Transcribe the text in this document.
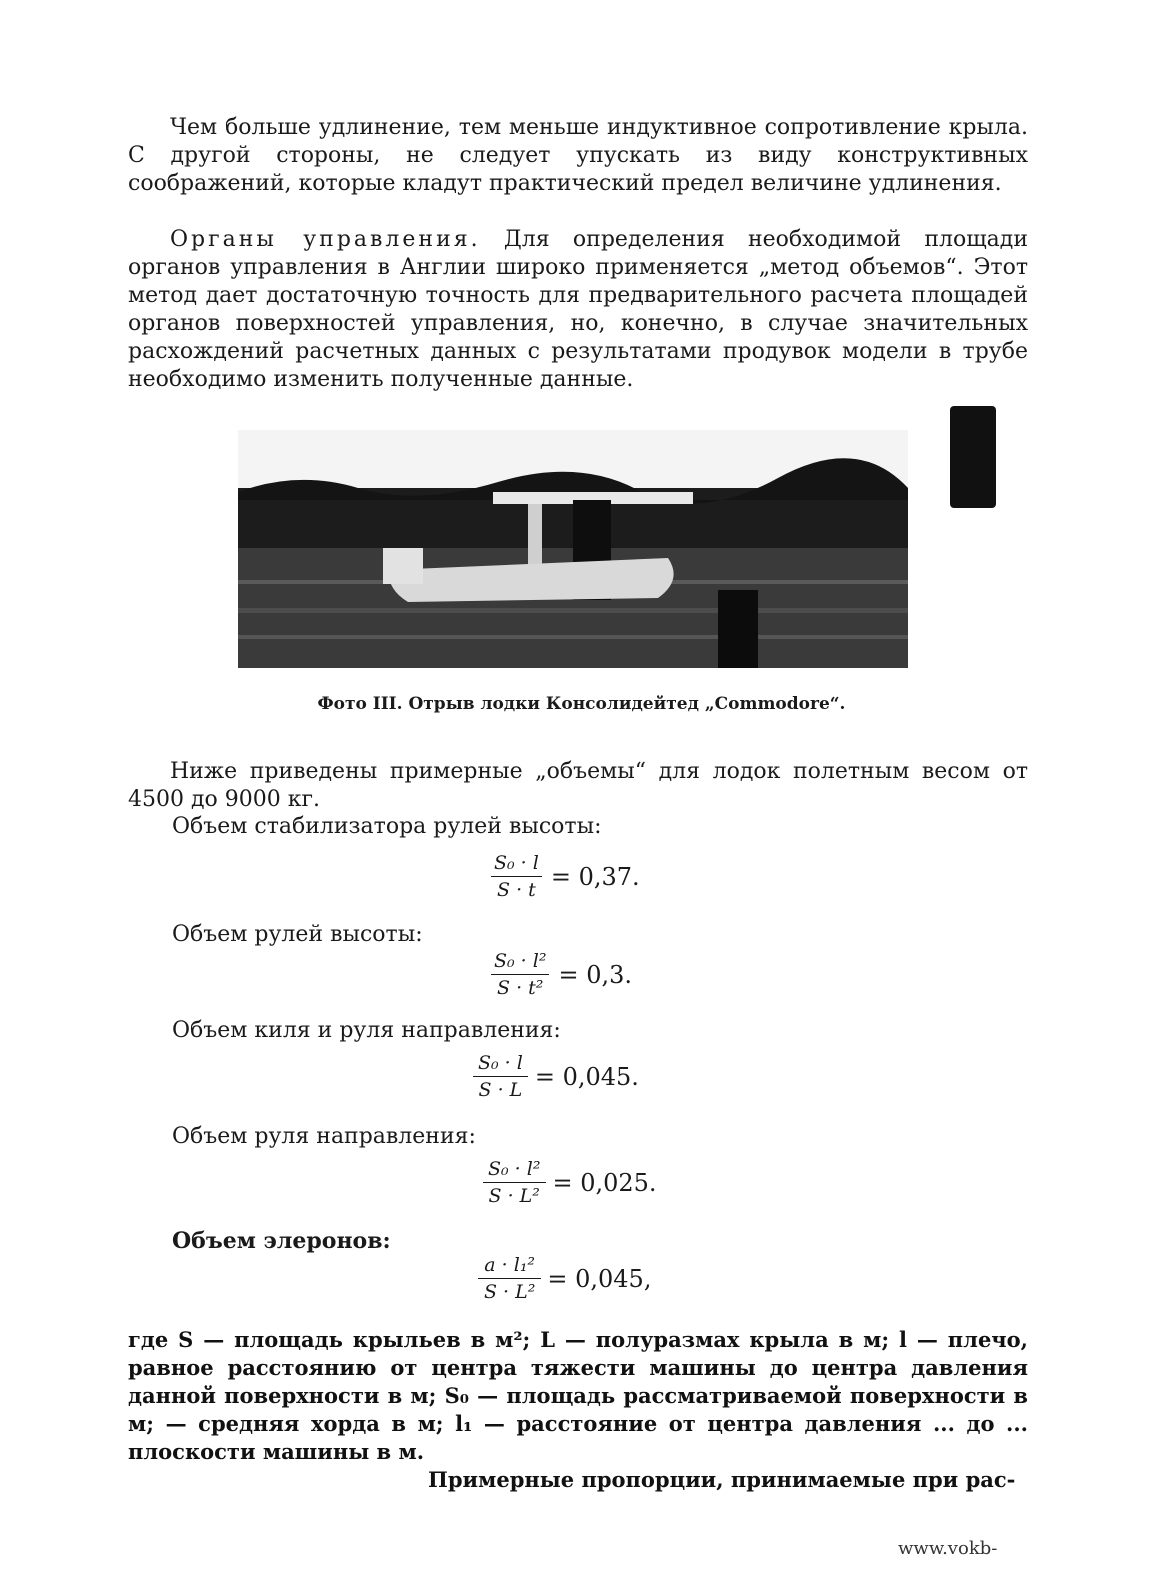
Чем больше удлинение, тем меньше индуктивное сопротивление крыла. С другой стороны, не следует упускать из виду конструктивных соображений, которые кладут практический предел величине удлинения.
Органы управления. Для определения необходимой площади органов управления в Англии широко применяется „метод объемов“. Этот метод дает достаточную точность для предварительного расчета площадей органов поверхностей управления, но, конечно, в случае значительных расхождений расчетных данных с результатами продувок модели в трубе необходимо изменить полученные данные.
Фото III. Отрыв лодки Консолидейтед „Commodore“.
Ниже приведены примерные „объемы“ для лодок полетным весом от 4500 до 9000 кг.
Объем стабилизатора рулей высоты:
$\frac{\text{S₀ · l}}{S \cdot t} = 0,37$.
Объем рулей высоты:
$\frac{\text{S₀ · l²}}{\text{S · t²}} = 0,3$.
Объем киля и руля направления:
$\frac{\text{S₀ · l}}{S \cdot L} = 0,045$.
Объем руля направления:
$\frac{\text{S₀ · l²}}{\text{S · L²}} = 0,025$.
Объем элеронов:
$\frac{\text{a · l₁²}}{\text{S · L²}} = 0,045$,
где S — площадь крыльев в м²; L — полуразмах крыла в м; l — плечо, равное расстоянию от центра тяжести машины до центра давления данной поверхности в м; S₀ — площадь рассматриваемой поверхности в м; — средняя хорда в м; l₁ — расстояние от центра давления ... до ... плоскости машины в м.
Примерные пропорции, принимаемые при рас-
www.vokb-
